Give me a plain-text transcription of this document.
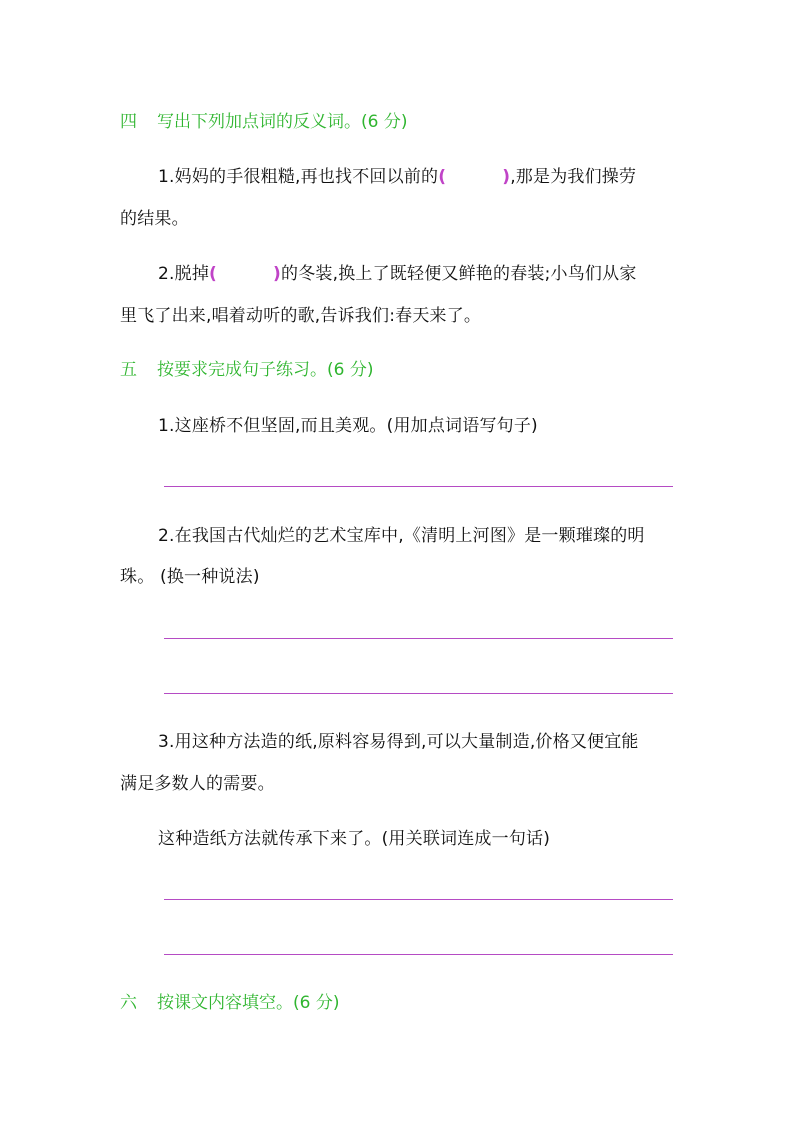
四 写出下列加点词的反义词。(6 分)
1.妈妈的手很粗糙,再也找不回以前的(	),那是为我们操劳
的结果。
2.脱掉(	)的冬装,换上了既轻便又鲜艳的春装;小鸟们从家
里飞了出来,唱着动听的歌,告诉我们:春天来了。
五 按要求完成句子练习。(6 分)
1.这座桥不但坚固,而且美观。(用加点词语写句子)
2.在我国古代灿烂的艺术宝库中,《清明上河图》是一颗璀璨的明
珠。 (换一种说法)
3.用这种方法造的纸,原料容易得到,可以大量制造,价格又便宜能
满足多数人的需要。
这种造纸方法就传承下来了。(用关联词连成一句话)
六 按课文内容填空。(6 分)
